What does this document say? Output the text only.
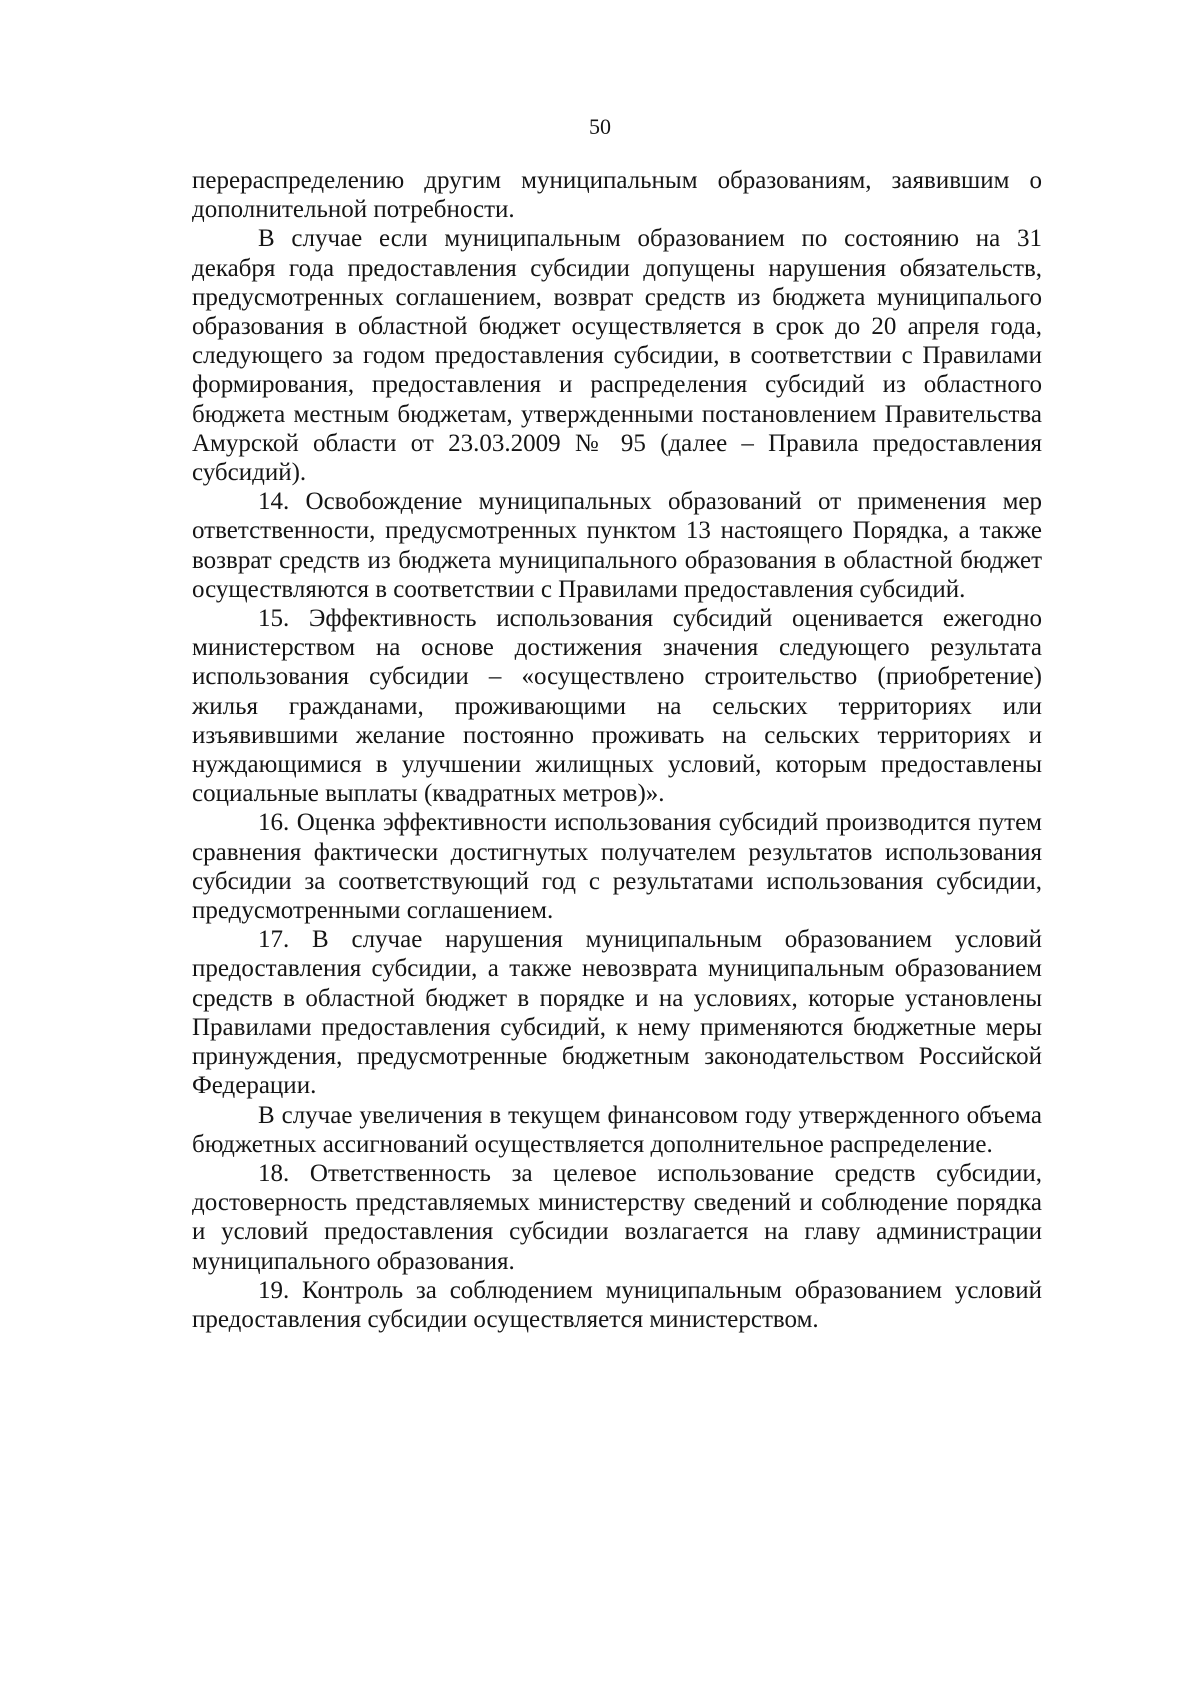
50

перераспределению другим муниципальным образованиям, заявившим о дополнительной потребности.

В случае если муниципальным образованием по состоянию на 31 декабря года предоставления субсидии допущены нарушения обязательств, предусмотренных соглашением, возврат средств из бюджета муниципалього образования в областной бюджет осуществляется в срок до 20 апреля года, следующего за годом предоставления субсидии, в соответствии с Правилами формирования, предоставления и распределения субсидий из областного бюджета местным бюджетам, утвержденными постановлением Правительства Амурской области от 23.03.2009 № 95 (далее – Правила предоставления субсидий).

14. Освобождение муниципальных образований от применения мер ответственности, предусмотренных пунктом 13 настоящего Порядка, а также возврат средств из бюджета муниципального образования в областной бюджет осуществляются в соответствии с Правилами предоставления субсидий.

15. Эффективность использования субсидий оценивается ежегодно министерством на основе достижения значения следующего результата использования субсидии – «осуществлено строительство (приобретение) жилья гражданами, проживающими на сельских территориях или изъявившими желание постоянно проживать на сельских территориях и нуждающимися в улучшении жилищных условий, которым предоставлены социальные выплаты (квадратных метров)».

16. Оценка эффективности использования субсидий производится путем сравнения фактически достигнутых получателем результатов использования субсидии за соответствующий год с результатами использования субсидии, предусмотренными соглашением.

17. В случае нарушения муниципальным образованием условий предоставления субсидии, а также невозврата муниципальным образованием средств в областной бюджет в порядке и на условиях, которые установлены Правилами предоставления субсидий, к нему применяются бюджетные меры принуждения, предусмотренные бюджетным законодательством Российской Федерации.

В случае увеличения в текущем финансовом году утвержденного объема бюджетных ассигнований осуществляется дополнительное распределение.

18. Ответственность за целевое использование средств субсидии, достоверность представляемых министерству сведений и соблюдение порядка и условий предоставления субсидии возлагается на главу администрации муниципального образования.

19. Контроль за соблюдением муниципальным образованием условий предоставления субсидии осуществляется министерством.
